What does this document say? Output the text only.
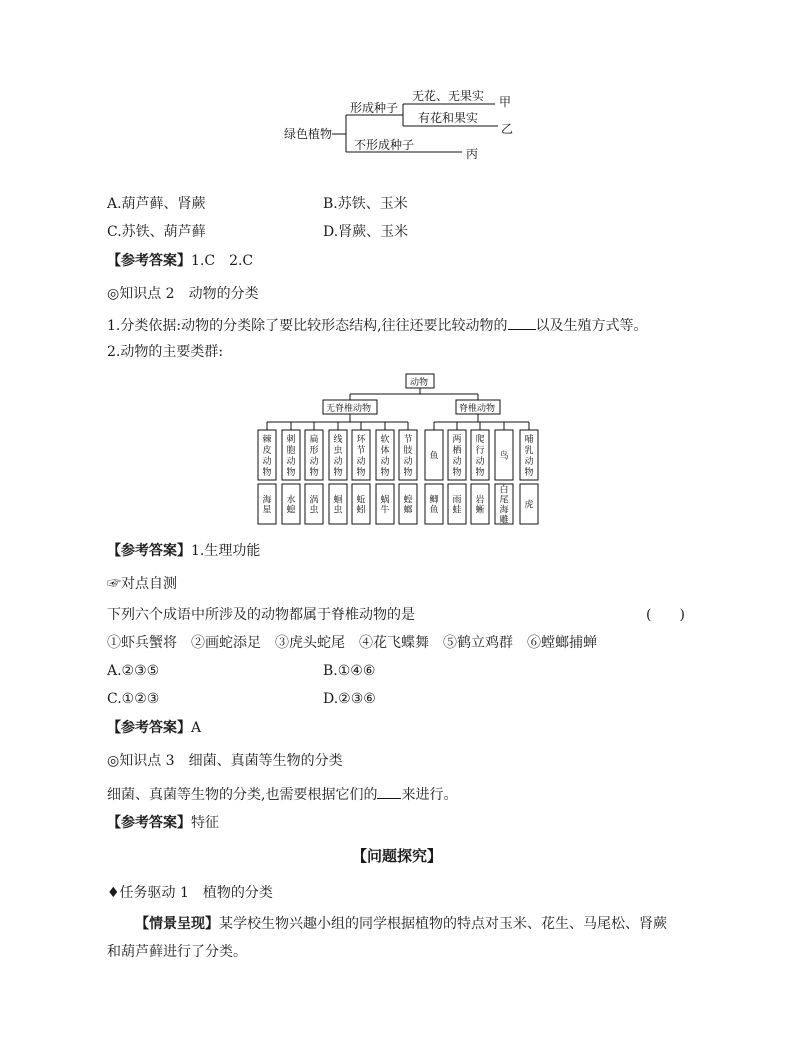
绿色植物
形成种子
无花、无果实
有花和果实
不形成种子
甲
乙
丙
A.葫芦藓、肾蕨	B.苏铁、玉米
C.苏铁、葫芦藓	D.肾蕨、玉米
【参考答案】1.C　2.C
◎知识点 2　动物的分类
1.分类依据:动物的分类除了要比较形态结构,往往还要比较动物的 以及生殖方式等。
2.动物的主要类群:
动物
无脊椎动物	脊椎动物
棘
皮
动
物
海
星
刺
胞
动
物
水
螅
扁
形
动
物
涡
虫
线
虫
动
物
蛔
虫
环
节
动
物
蚯
蚓
软
体
动
物
蜗
牛
节
肢
动
物
蝗
螂
鱼
鲫
鱼
两
栖
动
物
雨
蛙
爬
行
动
物
岩
蜥
鸟
白
尾
海
雕
哺
乳
动
物
虎
【参考答案】1.生理功能
☞对点自测
下列六个成语中所涉及的动物都属于脊椎动物的是	(　　)
①虾兵蟹将　②画蛇添足　③虎头蛇尾　④花飞蝶舞　⑤鹤立鸡群　⑥螳螂捕蝉
A.②③⑤	B.①④⑥
C.①②③	D.②③⑥
【参考答案】A
◎知识点 3　细菌、真菌等生物的分类
细菌、真菌等生物的分类,也需要根据它们的 来进行。
【参考答案】特征
【问题探究】
♦任务驱动 1　植物的分类
【情景呈现】某学校生物兴趣小组的同学根据植物的特点对玉米、花生、马尾松、肾蕨
和葫芦藓进行了分类。
